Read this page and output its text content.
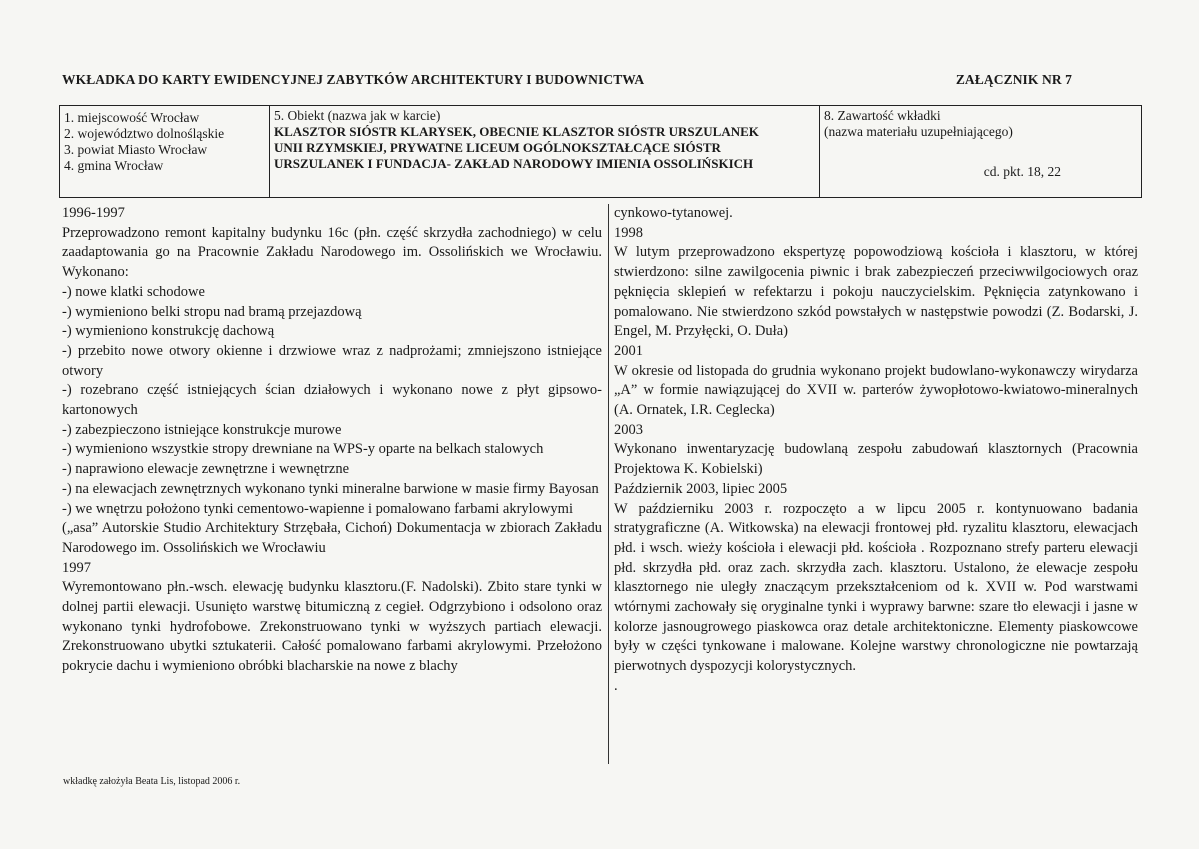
WKŁADKA DO KARTY EWIDENCYJNEJ ZABYTKÓW ARCHITEKTURY I BUDOWNICTWA	ZAŁĄCZNIK NR 7
1. miejscowość Wrocław
2. województwo dolnośląskie
3. powiat Miasto Wrocław
4. gmina Wrocław
5. Obiekt (nazwa jak w karcie)
KLASZTOR SIÓSTR KLARYSEK, OBECNIE KLASZTOR SIÓSTR URSZULANEK
UNII RZYMSKIEJ, PRYWATNE LICEUM OGÓLNOKSZTAŁCĄCE SIÓSTR
URSZULANEK I FUNDACJA- ZAKŁAD NARODOWY IMIENIA OSSOLIŃSKICH
8. Zawartość wkładki
(nazwa materiału uzupełniającego)
cd. pkt. 18, 22

1996-1997

Przeprowadzono remont kapitalny budynku 16c (płn. część skrzydła zachodniego) w celu zaadaptowania go na Pracownie Zakładu Narodowego im. Ossolińskich we Wrocławiu. Wykonano:

-) nowe klatki schodowe

-) wymieniono belki stropu nad bramą przejazdową

-) wymieniono konstrukcję dachową

-) przebito nowe otwory okienne i drzwiowe wraz z nadprożami; zmniejszono istniejące otwory

-) rozebrano część istniejących ścian działowych i wykonano nowe z płyt gipsowo-kartonowych

-) zabezpieczono istniejące konstrukcje murowe

-) wymieniono wszystkie stropy drewniane na WPS-y oparte na belkach stalowych

-) naprawiono elewacje zewnętrzne i wewnętrzne

-) na elewacjach zewnętrznych wykonano tynki mineralne barwione w masie firmy Bayosan

-) we wnętrzu położono tynki cementowo-wapienne i pomalowano farbami akrylowymi

(„asa” Autorskie Studio Architektury Strzębała, Cichoń) Dokumentacja w zbiorach Zakładu Narodowego im. Ossolińskich we Wrocławiu

1997

Wyremontowano płn.-wsch. elewację budynku klasztoru.(F. Nadolski). Zbito stare tynki w dolnej partii elewacji. Usunięto warstwę bitumiczną z cegieł. Odgrzybiono i odsolono oraz wykonano tynki hydrofobowe. Zrekonstruowano tynki w wyższych partiach elewacji. Zrekonstruowano ubytki sztukaterii. Całość pomalowano farbami akrylowymi. Przełożono pokrycie dachu i wymieniono obróbki blacharskie na nowe z blachy

cynkowo-tytanowej.

1998

W lutym przeprowadzono ekspertyzę popowodziową kościoła i klasztoru, w której stwierdzono: silne zawilgocenia piwnic i brak zabezpieczeń przeciwwilgociowych oraz pęknięcia sklepień w refektarzu i pokoju nauczycielskim. Pęknięcia zatynkowano i pomalowano. Nie stwierdzono szkód powstałych w następstwie powodzi (Z. Bodarski, J. Engel, M. Przyłęcki, O. Duła)

2001

W okresie od listopada do grudnia wykonano projekt budowlano-wykonawczy wirydarza „A” w formie nawiązującej do XVII w. parterów żywopłotowo-kwiatowo-mineralnych (A. Ornatek, I.R. Ceglecka)

2003

Wykonano inwentaryzację budowlaną zespołu zabudowań klasztornych (Pracownia Projektowa K. Kobielski)

Październik 2003, lipiec 2005

W październiku 2003 r. rozpoczęto a w lipcu 2005 r. kontynuowano badania stratygraficzne (A. Witkowska) na elewacji frontowej płd. ryzalitu klasztoru, elewacjach płd. i wsch. wieży kościoła i elewacji płd. kościoła . Rozpoznano strefy parteru elewacji płd. skrzydła płd. oraz zach. skrzydła zach. klasztoru. Ustalono, że elewacje zespołu klasztornego nie uległy znaczącym przekształceniom od k. XVII w. Pod warstwami wtórnymi zachowały się oryginalne tynki i wyprawy barwne: szare tło elewacji i jasne w kolorze jasnougrowego piaskowca oraz detale architektoniczne. Elementy piaskowcowe były w części tynkowane i malowane. Kolejne warstwy chronologiczne nie powtarzają pierwotnych dyspozycji kolorystycznych.

.

wkładkę założyła Beata Lis, listopad 2006 r.
